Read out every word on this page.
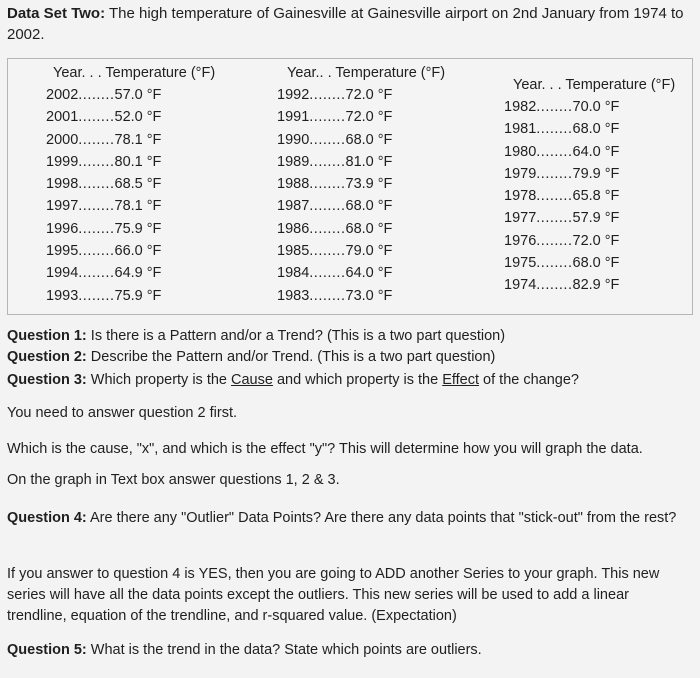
Data Set Two: The high temperature of Gainesville at Gainesville airport on 2nd January from 1974 to 2002.
Year. . . Temperature (°F)
2002........57.0 °F
2001........52.0 °F
2000........78.1 °F
1999........80.1 °F
1998........68.5 °F
1997........78.1 °F
1996........75.9 °F
1995........66.0 °F
1994........64.9 °F
1993........75.9 °F
Year.. . Temperature (°F)
1992........72.0 °F
1991........72.0 °F
1990........68.0 °F
1989........81.0 °F
1988........73.9 °F
1987........68.0 °F
1986........68.0 °F
1985........79.0 °F
1984........64.0 °F
1983........73.0 °F
Year. . . Temperature (°F)
1982........70.0 °F
1981........68.0 °F
1980........64.0 °F
1979........79.9 °F
1978........65.8 °F
1977........57.9 °F
1976........72.0 °F
1975........68.0 °F
1974........82.9 °F
Question 1: Is there is a Pattern and/or a Trend? (This is a two part question)
Question 2: Describe the Pattern and/or Trend. (This is a two part question)
Question 3: Which property is the Cause and which property is the Effect of the change?
You need to answer question 2 first.
Which is the cause, "x", and which is the effect "y"? This will determine how you will graph the data.
On the graph in Text box answer questions 1, 2 & 3.
Question 4: Are there any "Outlier" Data Points? Are there any data points that "stick-out" from the rest?
If you answer to question 4 is YES, then you are going to ADD another Series to your graph. This new series will have all the data points except the outliers. This new series will be used to add a linear trendline, equation of the trendline, and r-squared value. (Expectation)
Question 5: What is the trend in the data? State which points are outliers.
